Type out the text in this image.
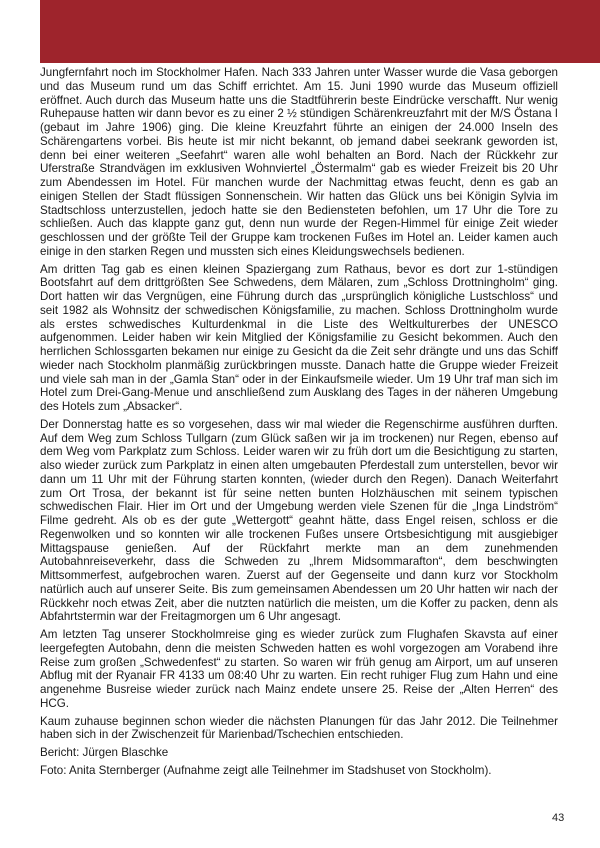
Jungfernfahrt noch im Stockholmer Hafen. Nach 333 Jahren unter Wasser wurde die Vasa geborgen und das Museum rund um das Schiff errichtet. Am 15. Juni 1990 wurde das Museum offiziell eröffnet. Auch durch das Museum hatte uns die Stadtführerin beste Eindrücke verschafft. Nur wenig Ruhepause hatten wir dann bevor es zu einer 2 ½ stündigen Schärenkreuzfahrt mit der M/S Östana I (gebaut im Jahre 1906) ging. Die kleine Kreuzfahrt führte an einigen der 24.000 Inseln des Schärengartens vorbei. Bis heute ist mir nicht bekannt, ob jemand dabei seekrank geworden ist, denn bei einer weiteren „Seefahrt“ waren alle wohl behalten an Bord. Nach der Rückkehr zur Uferstraße Strandvägen im exklusiven Wohnviertel „Östermalm“ gab es wieder Freizeit bis 20 Uhr zum Abendessen im Hotel. Für manchen wurde der Nachmittag etwas feucht, denn es gab an einigen Stellen der Stadt flüssigen Sonnenschein. Wir hatten das Glück uns bei Königin Sylvia im Stadtschloss unterzustellen, jedoch hatte sie den Bediensteten befohlen, um 17 Uhr die Tore zu schließen. Auch das klappte ganz gut, denn nun wurde der Regen-Himmel für einige Zeit wieder geschlossen und der größte Teil der Gruppe kam trockenen Fußes im Hotel an. Leider kamen auch einige in den starken Regen und mussten sich eines Kleidungswechsels bedienen.

Am dritten Tag gab es einen kleinen Spaziergang zum Rathaus, bevor es dort zur 1-stündigen Bootsfahrt auf dem drittgrößten See Schwedens, dem Mälaren, zum „Schloss Drottningholm“ ging. Dort hatten wir das Vergnügen, eine Führung durch das „ursprünglich königliche Lustschloss“ und seit 1982 als Wohnsitz der schwedischen Königsfamilie, zu machen. Schloss Drottningholm wurde als erstes schwedisches Kulturdenkmal in die Liste des Weltkulturerbes der UNESCO aufgenommen. Leider haben wir kein Mitglied der Königsfamilie zu Gesicht bekommen. Auch den herrlichen Schlossgarten bekamen nur einige zu Gesicht da die Zeit sehr drängte und uns das Schiff wieder nach Stockholm planmäßig zurückbringen musste. Danach hatte die Gruppe wieder Freizeit und viele sah man in der „Gamla Stan“ oder in der Einkaufsmeile wieder. Um 19 Uhr traf man sich im Hotel zum Drei-Gang-Menue und anschließend zum Ausklang des Tages in der näheren Umgebung des Hotels zum „Absacker“.

Der Donnerstag hatte es so vorgesehen, dass wir mal wieder die Regenschirme ausführen durften. Auf dem Weg zum Schloss Tullgarn (zum Glück saßen wir ja im trockenen) nur Regen, ebenso auf dem Weg vom Parkplatz zum Schloss. Leider waren wir zu früh dort um die Besichtigung zu starten, also wieder zurück zum Parkplatz in einen alten umgebauten Pferdestall zum unterstellen, bevor wir dann um 11 Uhr mit der Führung starten konnten, (wieder durch den Regen). Danach Weiterfahrt zum Ort Trosa, der bekannt ist für seine netten bunten Holzhäuschen mit seinem typischen schwedischen Flair. Hier im Ort und der Umgebung werden viele Szenen für die „Inga Lindström“ Filme gedreht. Als ob es der gute „Wettergott“ geahnt hätte, dass Engel reisen, schloss er die Regenwolken und so konnten wir alle trockenen Fußes unsere Ortsbesichtigung mit ausgiebiger Mittagspause genießen. Auf der Rückfahrt merkte man an dem zunehmenden Autobahnreiseverkehr, dass die Schweden zu „Ihrem Midsommarafton“, dem beschwingten Mittsommerfest, aufgebrochen waren. Zuerst auf der Gegenseite und dann kurz vor Stockholm natürlich auch auf unserer Seite. Bis zum gemeinsamen Abendessen um 20 Uhr hatten wir nach der Rückkehr noch etwas Zeit, aber die nutzten natürlich die meisten, um die Koffer zu packen, denn als Abfahrtstermin war der Freitagmorgen um 6 Uhr angesagt.

Am letzten Tag unserer Stockholmreise ging es wieder zurück zum Flughafen Skavsta auf einer leergefegten Autobahn, denn die meisten Schweden hatten es wohl vorgezogen am Vorabend ihre Reise zum großen „Schwedenfest“ zu starten. So waren wir früh genug am Airport, um auf unseren Abflug mit der Ryanair FR 4133 um 08:40 Uhr zu warten. Ein recht ruhiger Flug zum Hahn und eine angenehme Busreise wieder zurück nach Mainz endete unsere 25. Reise der „Alten Herren“ des HCG.

Kaum zuhause beginnen schon wieder die nächsten Planungen für das Jahr 2012. Die Teilnehmer haben sich in der Zwischenzeit für Marienbad/Tschechien entschieden.

Bericht: Jürgen Blaschke

Foto: Anita Sternberger (Aufnahme zeigt alle Teilnehmer im Stadshuset von Stockholm).

43
